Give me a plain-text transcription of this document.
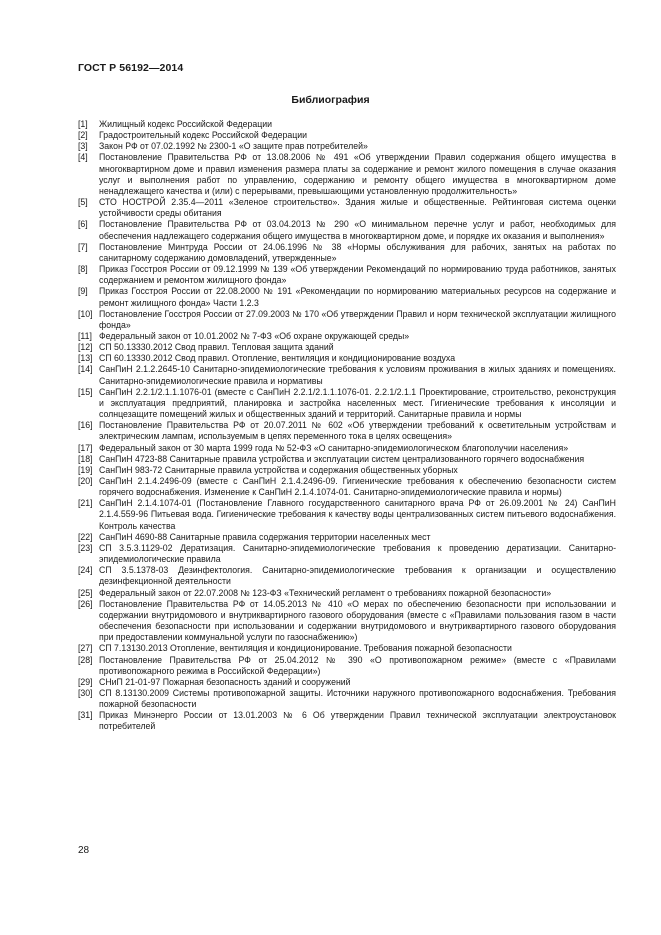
ГОСТ Р 56192—2014
Библиография
[1]	Жилищный кодекс Российской Федерации
[2]	Градостроительный кодекс Российской Федерации
[3]	Закон РФ от 07.02.1992 № 2300-1 «О защите прав потребителей»
[4]	Постановление Правительства РФ от 13.08.2006 № 491 «Об утверждении Правил содержания общего имущества в многоквартирном доме и правил изменения размера платы за содержание и ремонт жилого помещения в случае оказания услуг и выполнения работ по управлению, содержанию и ремонту общего имущества в многоквартирном доме ненадлежащего качества и (или) с перерывами, превышающими установленную продолжительность»
[5]	СТО НОСТРОЙ 2.35.4—2011 «Зеленое строительство». Здания жилые и общественные. Рейтинговая система оценки устойчивости среды обитания
[6]	Постановление Правительства РФ от 03.04.2013 № 290 «О минимальном перечне услуг и работ, необходимых для обеспечения надлежащего содержания общего имущества в многоквартирном доме, и порядке их оказания и выполнения»
[7]	Постановление Минтруда России от 24.06.1996 № 38 «Нормы обслуживания для рабочих, занятых на работах по санитарному содержанию домовладений, утвержденные»
[8]	Приказ Госстроя России от 09.12.1999 № 139 «Об утверждении Рекомендаций по нормированию труда работников, занятых содержанием и ремонтом жилищного фонда»
[9]	Приказ Госстроя России от 22.08.2000 № 191 «Рекомендации по нормированию материальных ресурсов на содержание и ремонт жилищного фонда» Части 1.2.3
[10] Постановление Госстроя России от 27.09.2003 № 170 «Об утверждении Правил и норм технической эксплуатации жилищного фонда»
[11] Федеральный закон от 10.01.2002 № 7-ФЗ «Об охране окружающей среды»
[12] СП 50.13330.2012 Свод правил. Тепловая защита зданий
[13] СП 60.13330.2012 Свод правил. Отопление, вентиляция и кондиционирование воздуха
[14] СанПиН 2.1.2.2645-10 Санитарно-эпидемиологические требования к условиям проживания в жилых зданиях и помещениях. Санитарно-эпидемиологические правила и нормативы
[15] СанПиН 2.2.1/2.1.1.1076-01 (вместе с СанПиН 2.2.1/2.1.1.1076-01. 2.2.1/2.1.1 Проектирование, строительство, реконструкция и эксплуатация предприятий, планировка и застройка населенных мест. Гигиенические требования к инсоляции и солнцезащите помещений жилых и общественных зданий и территорий. Санитарные правила и нормы
[16] Постановление Правительства РФ от 20.07.2011 № 602 «Об утверждении требований к осветительным устройствам и электрическим лампам, используемым в цепях переменного тока в целях освещения»
[17] Федеральный закон от 30 марта 1999 года № 52-ФЗ «О санитарно-эпидемиологическом благополучии населения»
[18] СанПиН 4723-88 Санитарные правила устройства и эксплуатации систем централизованного горячего водоснабжения
[19] СанПиН 983-72 Санитарные правила устройства и содержания общественных уборных
[20] СанПиН 2.1.4.2496-09 (вместе с СанПиН 2.1.4.2496-09. Гигиенические требования к обеспечению безопасности систем горячего водоснабжения. Изменение к СанПиН 2.1.4.1074-01. Санитарно-эпидемиологические правила и нормы)
[21] СанПиН 2.1.4.1074-01 (Постановление Главного государственного санитарного врача РФ от 26.09.2001 № 24) СанПиН 2.1.4.559-96 Питьевая вода. Гигиенические требования к качеству воды централизованных систем питьевого водоснабжения. Контроль качества
[22] СанПиН 4690-88 Санитарные правила содержания территории населенных мест
[23] СП 3.5.3.1129-02 Дератизация. Санитарно-эпидемиологические требования к проведению дератизации. Санитарно-эпидемиологические правила
[24] СП 3.5.1378-03 Дезинфектология. Санитарно-эпидемиологические требования к организации и осуществлению дезинфекционной деятельности
[25] Федеральный закон от 22.07.2008 № 123-ФЗ «Технический регламент о требованиях пожарной безопасности»
[26] Постановление Правительства РФ от 14.05.2013 № 410 «О мерах по обеспечению безопасности при использовании и содержании внутридомового и внутриквартирного газового оборудования (вместе с «Правилами пользования газом в части обеспечения безопасности при использовании и содержании внутридомового и внутриквартирного газового оборудования при предоставлении коммунальной услуги по газоснабжению»)
[27] СП 7.13130.2013 Отопление, вентиляция и кондиционирование. Требования пожарной безопасности
[28] Постановление Правительства РФ от 25.04.2012 № 390 «О противопожарном режиме» (вместе с «Правилами противопожарного режима в Российской Федерации»)
[29] СНиП 21-01-97 Пожарная безопасность зданий и сооружений
[30] СП 8.13130.2009 Системы противопожарной защиты. Источники наружного противопожарного водоснабжения. Требования пожарной безопасности
[31] Приказ Минэнерго России от 13.01.2003 № 6 Об утверждении Правил технической эксплуатации электроустановок потребителей
28
